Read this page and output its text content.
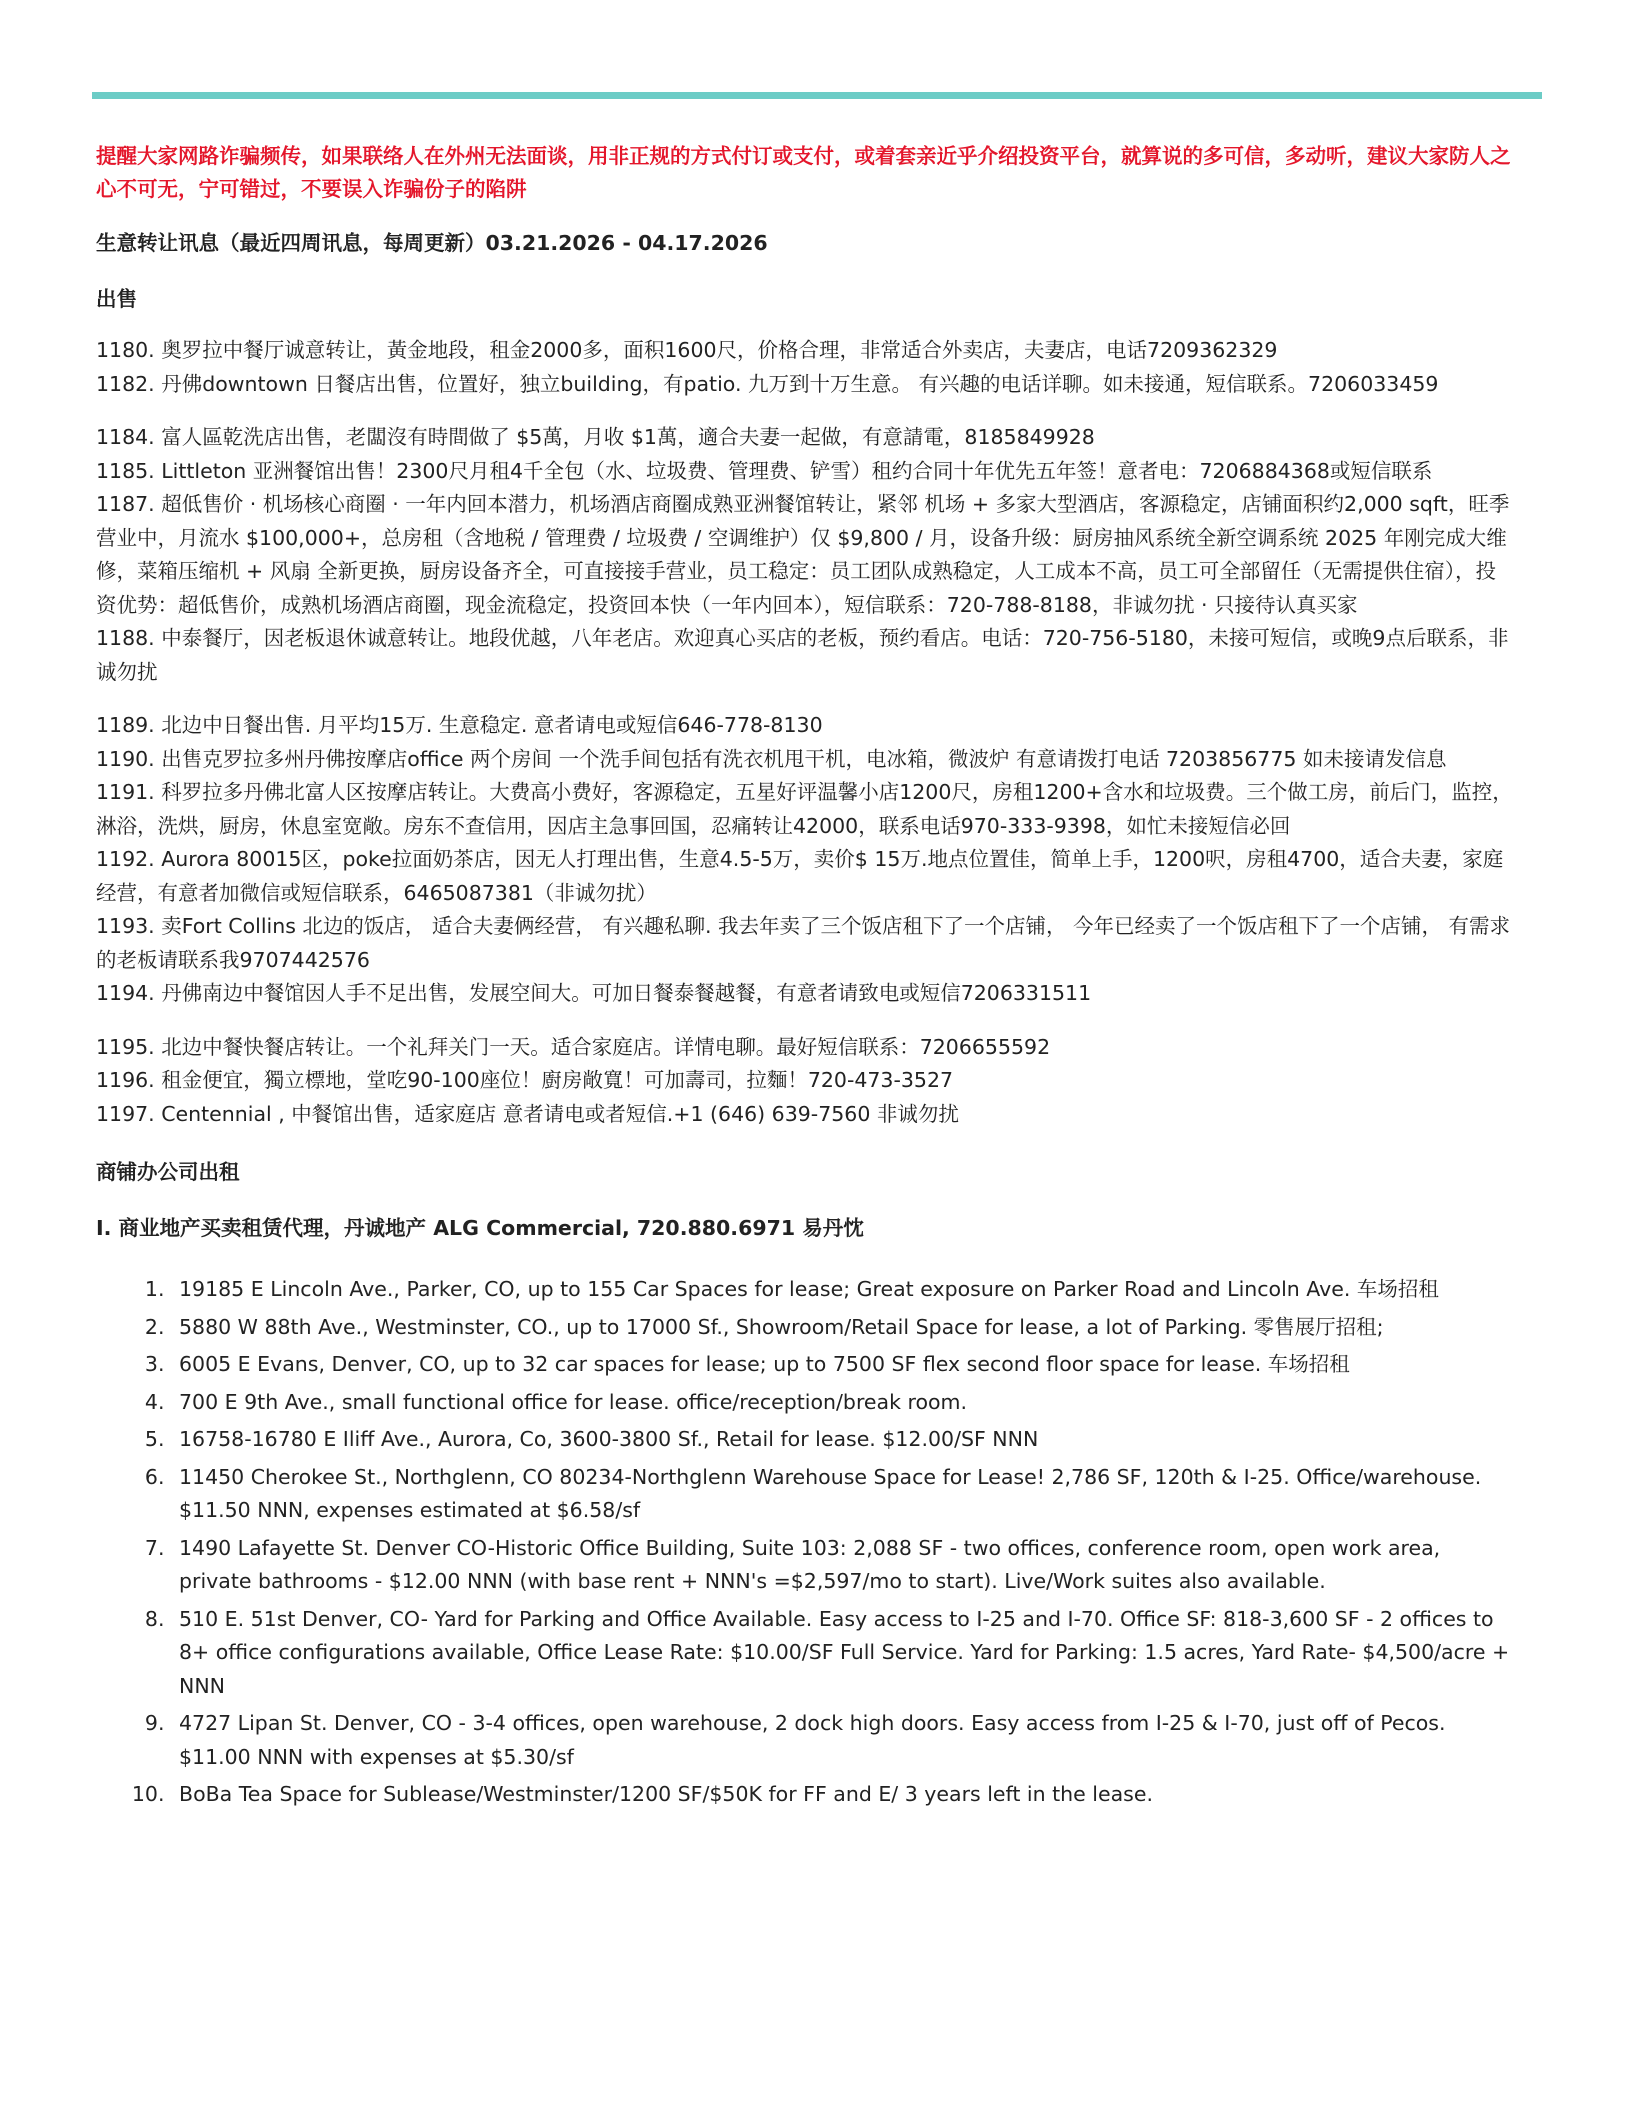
提醒大家网路诈骗频传，如果联络人在外州无法面谈，用非正规的方式付订或支付，或着套亲近乎介绍投资平台，就算说的多可信，多动听，建议大家防人之心不可无，宁可错过，不要误入诈骗份子的陷阱

生意转让讯息（最近四周讯息，每周更新）03.21.2026 - 04.17.2026

出售

1180. 奥罗拉中餐厅诚意转让，黃金地段，租金2000多，面积1600尺，价格合理，非常适合外卖店，夫妻店，电话7209362329

1182. 丹佛downtown 日餐店出售，位置好，独立building，有patio. 九万到十万生意。 有兴趣的电话详聊。如未接通，短信联系。7206033459

1184. 富人區乾洗店出售，老闆沒有時間做了 $5萬，月收 $1萬，適合夫妻一起做，有意請電，8185849928

1185. Littleton 亚洲餐馆出售！2300尺月租4千全包（水、垃圾费、管理费、铲雪）租约合同十年优先五年签！意者电：7206884368或短信联系

1187. 超低售价 · 机场核心商圈 · 一年内回本潜力，机场酒店商圈成熟亚洲餐馆转让，紧邻 机场 + 多家大型酒店，客源稳定，店铺面积约2,000 sqft，旺季营业中，月流水 $100,000+，总房租（含地税 / 管理费 / 垃圾费 / 空调维护）仅 $9,800 / 月，设备升级：厨房抽风系统全新空调系统 2025 年刚完成大维修，菜箱压缩机 + 风扇 全新更换，厨房设备齐全，可直接接手营业，员工稳定：员工团队成熟稳定，人工成本不高，员工可全部留任（无需提供住宿），投资优势：超低售价，成熟机场酒店商圈，现金流稳定，投资回本快（一年内回本），短信联系：720-788-8188，非诚勿扰 · 只接待认真买家

1188. 中泰餐厅，因老板退休诚意转让。地段优越，八年老店。欢迎真心买店的老板，预约看店。电话：720-756-5180，未接可短信，或晚9点后联系，非诚勿扰

1189. 北边中日餐出售. 月平均15万. 生意稳定. 意者请电或短信646-778-8130

1190. 出售克罗拉多州丹佛按摩店office 两个房间 一个洗手间包括有洗衣机甩干机，电冰箱，微波炉 有意请拨打电话 7203856775 如未接请发信息

1191. 科罗拉多丹佛北富人区按摩店转让。大费高小费好，客源稳定，五星好评温馨小店1200尺，房租1200+含水和垃圾费。三个做工房，前后门，监控，淋浴，洗烘，厨房，休息室宽敞。房东不查信用，因店主急事回国，忍痛转让42000，联系电话970-333-9398，如忙未接短信必回

1192. Aurora 80015区，poke拉面奶茶店，因无人打理出售，生意4.5-5万，卖价$ 15万.地点位置佳，简单上手，1200呎，房租4700，适合夫妻，家庭经营，有意者加微信或短信联系，6465087381（非诚勿扰）

1193. 卖Fort Collins 北边的饭店， 适合夫妻俩经营， 有兴趣私聊. 我去年卖了三个饭店租下了一个店铺， 今年已经卖了一个饭店租下了一个店铺， 有需求的老板请联系我9707442576

1194. 丹佛南边中餐馆因人手不足出售，发展空间大。可加日餐泰餐越餐，有意者请致电或短信7206331511

1195. 北边中餐快餐店转让。一个礼拜关门一天。适合家庭店。详情电聊。最好短信联系：7206655592

1196. 租金便宜，獨立標地，堂吃90-100座位！廚房敞寬！可加壽司，拉麵！720-473-3527

1197. Centennial , 中餐馆出售，适家庭店 意者请电或者短信.+1 (646) 639-7560 非诚勿扰

商铺办公司出租

I. 商业地产买卖租赁代理，丹诚地产 ALG Commercial, 720.880.6971 易丹忱

1. 19185 E Lincoln Ave., Parker, CO, up to 155 Car Spaces for lease; Great exposure on Parker Road and Lincoln Ave. 车场招租
2. 5880 W 88th Ave., Westminster, CO., up to 17000 Sf., Showroom/Retail Space for lease, a lot of Parking. 零售展厅招租;
3. 6005 E Evans, Denver, CO, up to 32 car spaces for lease; up to 7500 SF flex second floor space for lease. 车场招租
4. 700 E 9th Ave., small functional office for lease. office/reception/break room.
5. 16758-16780 E Iliff Ave., Aurora, Co, 3600-3800 Sf., Retail for lease. $12.00/SF NNN
6. 11450 Cherokee St., Northglenn, CO 80234-Northglenn Warehouse Space for Lease! 2,786 SF, 120th & I-25. Office/warehouse. $11.50 NNN, expenses estimated at $6.58/sf
7. 1490 Lafayette St. Denver CO-Historic Office Building, Suite 103: 2,088 SF - two offices, conference room, open work area, private bathrooms - $12.00 NNN (with base rent + NNN's =$2,597/mo to start). Live/Work suites also available.
8. 510 E. 51st Denver, CO- Yard for Parking and Office Available. Easy access to I-25 and I-70. Office SF: 818-3,600 SF - 2 offices to 8+ office configurations available, Office Lease Rate: $10.00/SF Full Service. Yard for Parking: 1.5 acres, Yard Rate- $4,500/acre + NNN
9. 4727 Lipan St. Denver, CO - 3-4 offices, open warehouse, 2 dock high doors. Easy access from I-25 & I-70, just off of Pecos. $11.00 NNN with expenses at $5.30/sf
10. BoBa Tea Space for Sublease/Westminster/1200 SF/$50K for FF and E/ 3 years left in the lease.
